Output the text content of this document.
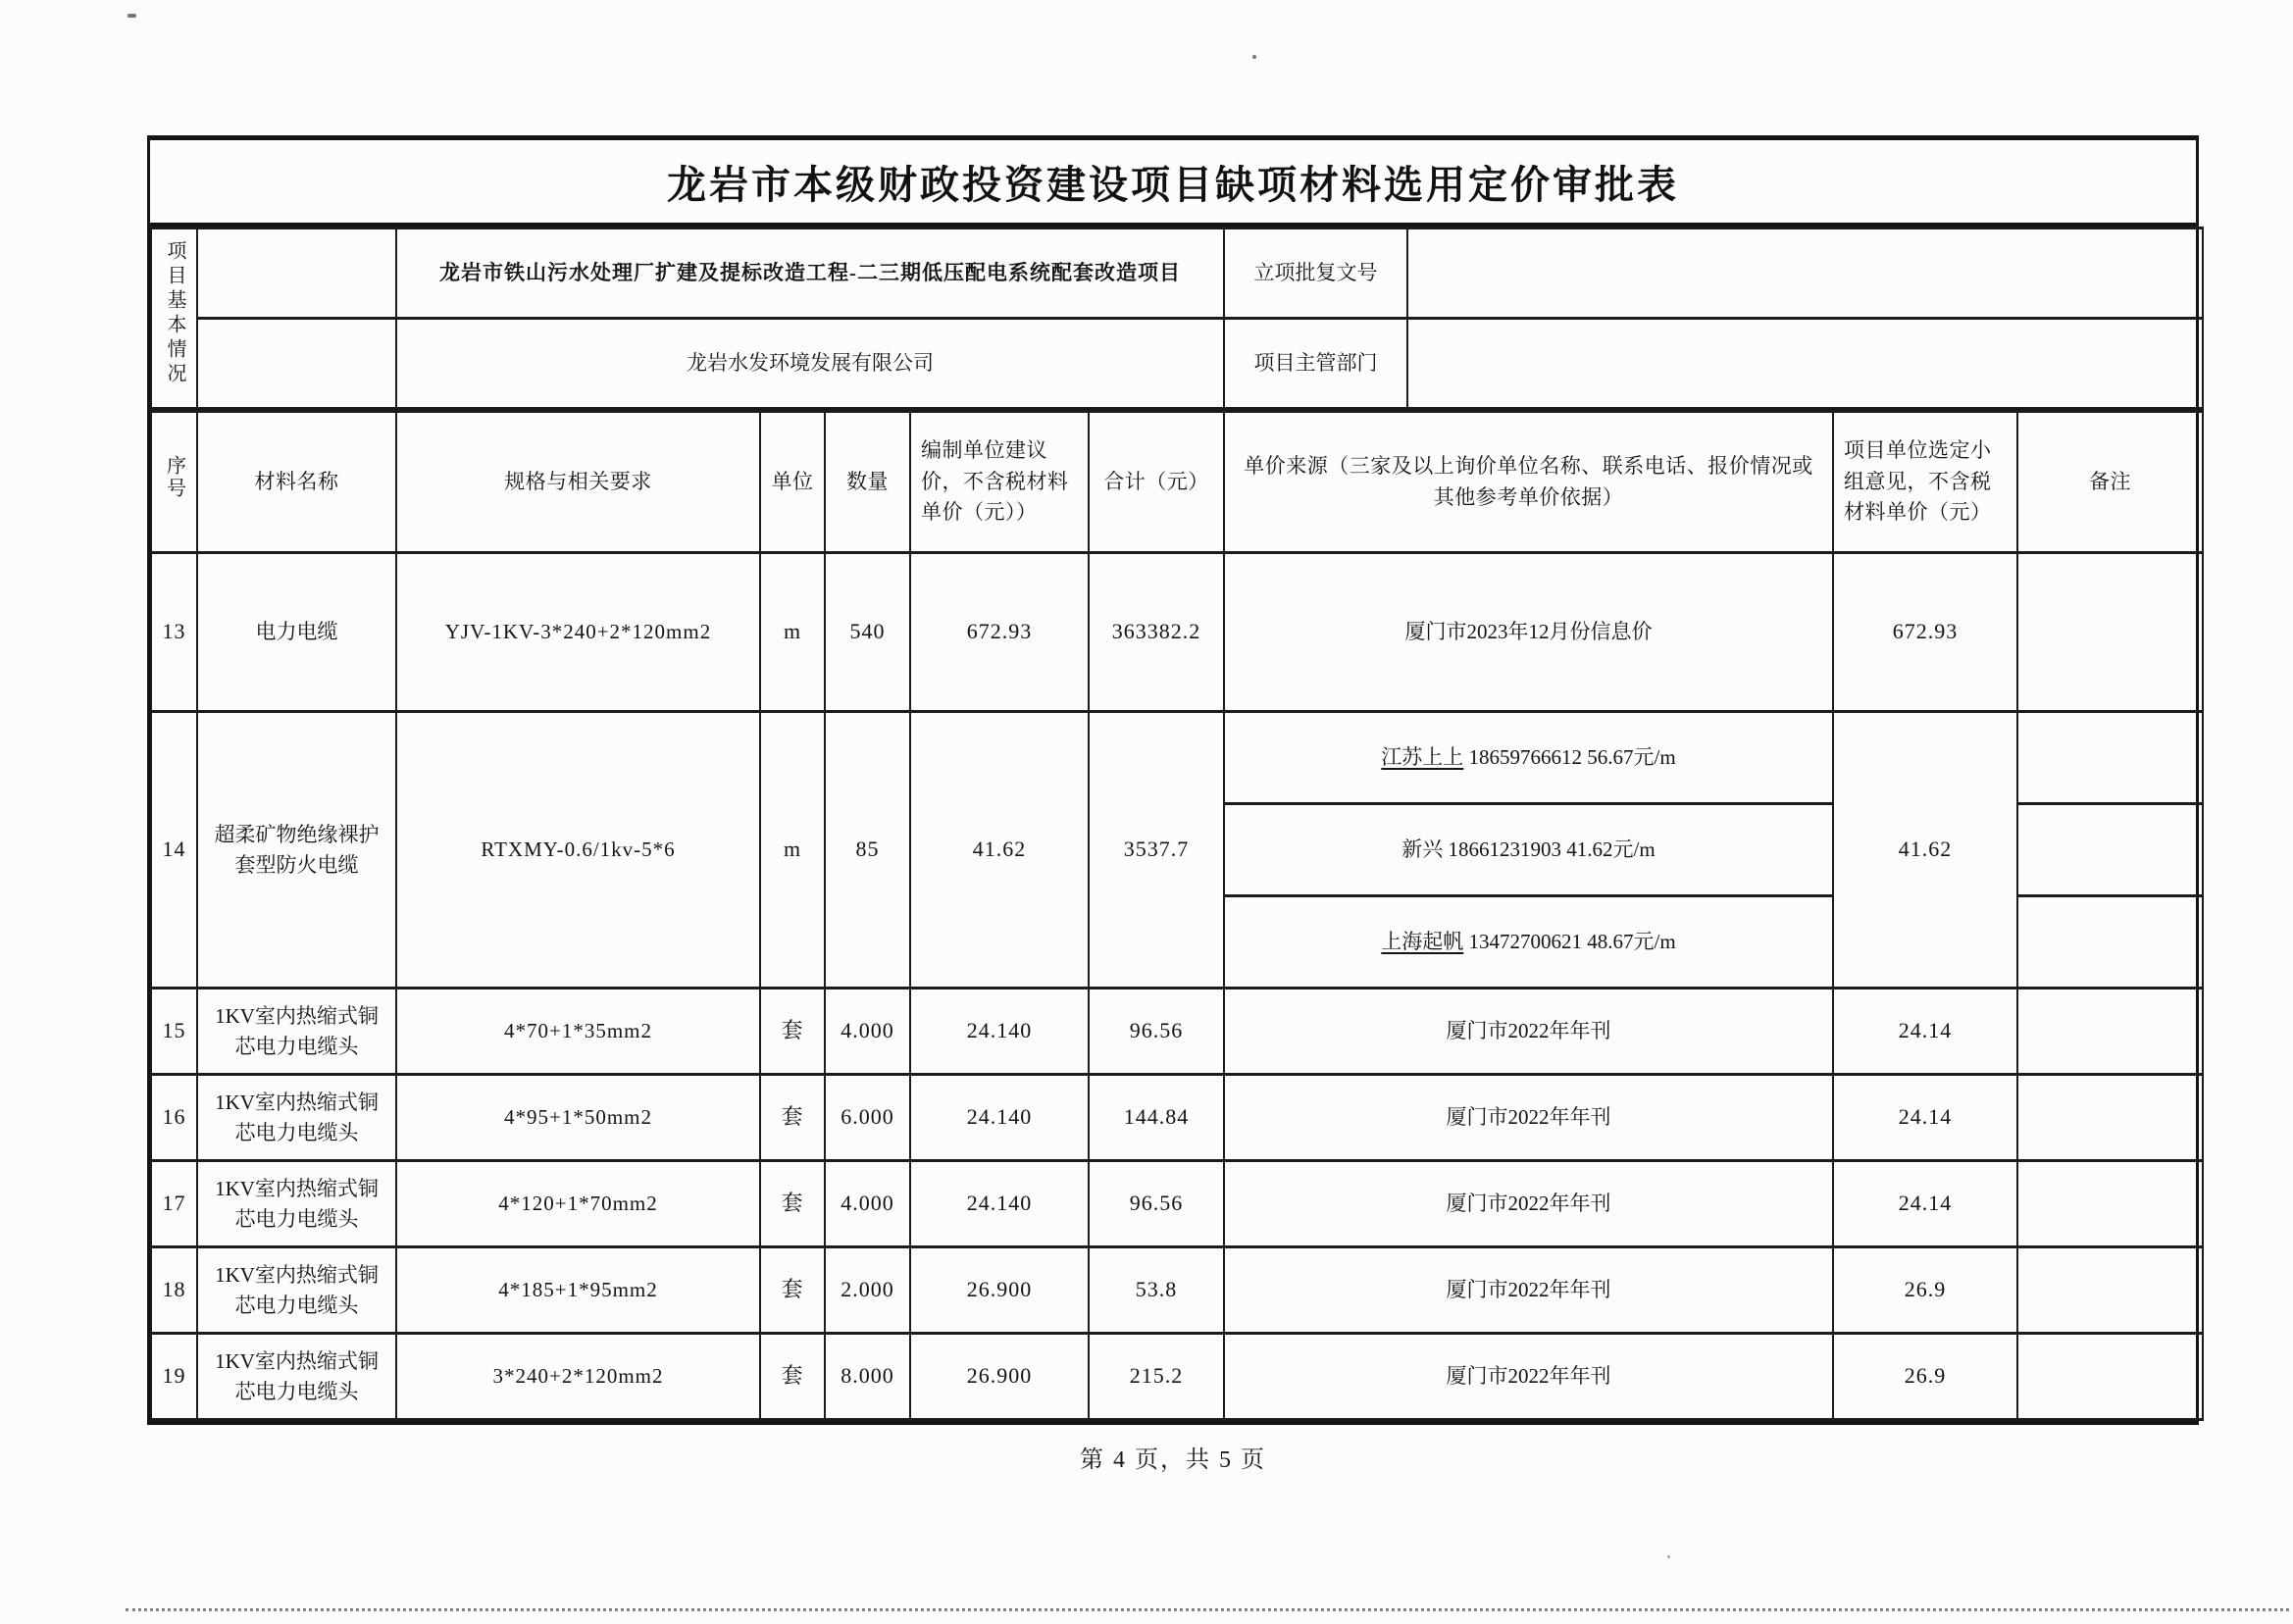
龙岩市本级财政投资建设项目缺项材料选用定价审批表
项目基本情况		龙岩市铁山污水处理厂扩建及提标改造工程-二三期低压配电系统配套改造项目	立项批复文号	
		龙岩水发环境发展有限公司	项目主管部门	
序号	材料名称	规格与相关要求	单位	数量	编制单位建议价，不含税材料单价（元））	合计（元）	单价来源（三家及以上询价单位名称、联系电话、报价情况或其他参考单价依据）	项目单位选定小组意见，不含税材料单价（元）	备注
13	电力电缆	YJV-1KV-3*240+2*120mm2	m	540	672.93	363382.2	厦门市2023年12月份信息价	672.93	
14	超柔矿物绝缘裸护套型防火电缆	RTXMY-0.6/1kv-5*6	m	85	41.62	3537.7	江苏上上 18659766612 56.67元/m	41.62	
							新兴 18661231903 41.62元/m		
							上海起帆 13472700621 48.67元/m		
15	1KV室内热缩式铜芯电力电缆头	4*70+1*35mm2	套	4.000	24.140	96.56	厦门市2022年年刊	24.14	
16	1KV室内热缩式铜芯电力电缆头	4*95+1*50mm2	套	6.000	24.140	144.84	厦门市2022年年刊	24.14	
17	1KV室内热缩式铜芯电力电缆头	4*120+1*70mm2	套	4.000	24.140	96.56	厦门市2022年年刊	24.14	
18	1KV室内热缩式铜芯电力电缆头	4*185+1*95mm2	套	2.000	26.900	53.8	厦门市2022年年刊	26.9	
19	1KV室内热缩式铜芯电力电缆头	3*240+2*120mm2	套	8.000	26.900	215.2	厦门市2022年年刊	26.9	
第 4 页，共 5 页
